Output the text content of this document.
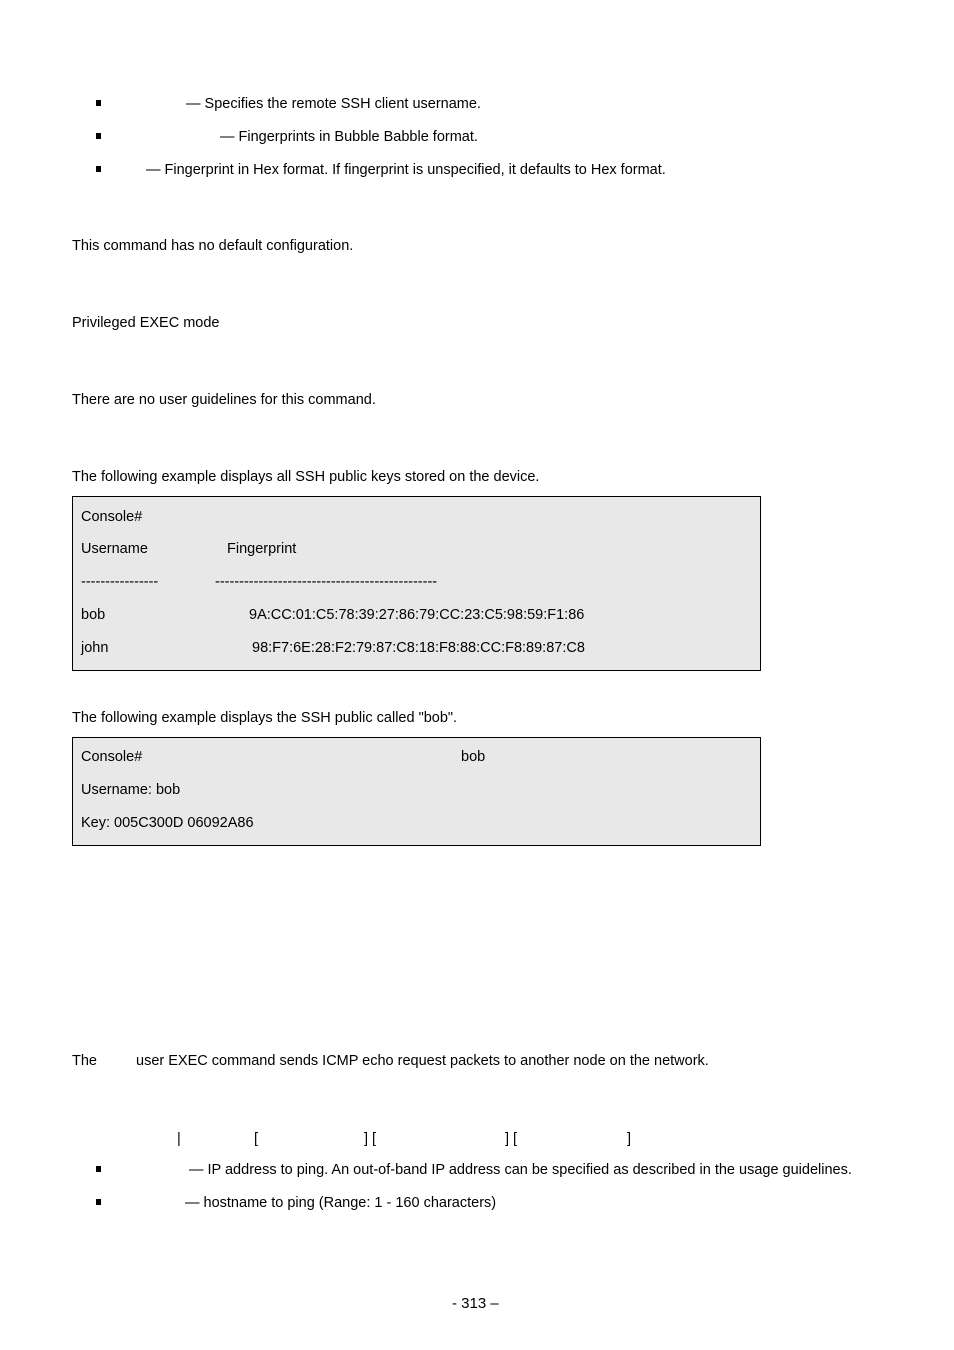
— Specifies the remote SSH client username.
— Fingerprints in Bubble Babble format.
— Fingerprint in Hex format. If fingerprint is unspecified, it defaults to Hex format.
This command has no default configuration.
Privileged EXEC mode
There are no user guidelines for this command.
The following example displays all SSH public keys stored on the device.
Console#
Username	Fingerprint
----------------	----------------------------------------------
bob	9A:CC:01:C5:78:39:27:86:79:CC:23:C5:98:59:F1:86
john	98:F7:6E:28:F2:79:87:C8:18:F8:88:CC:F8:89:87:C8
The following example displays the SSH public called "bob".
Console#	bob
Username: bob
Key: 005C300D 06092A86
The	user EXEC command sends ICMP echo request packets to another node on the network.
|	[	] [	] [	]
— IP address to ping. An out-of-band IP address can be specified as described in the usage guidelines.
— hostname to ping (Range: 1 - 160 characters)
- 313 –
